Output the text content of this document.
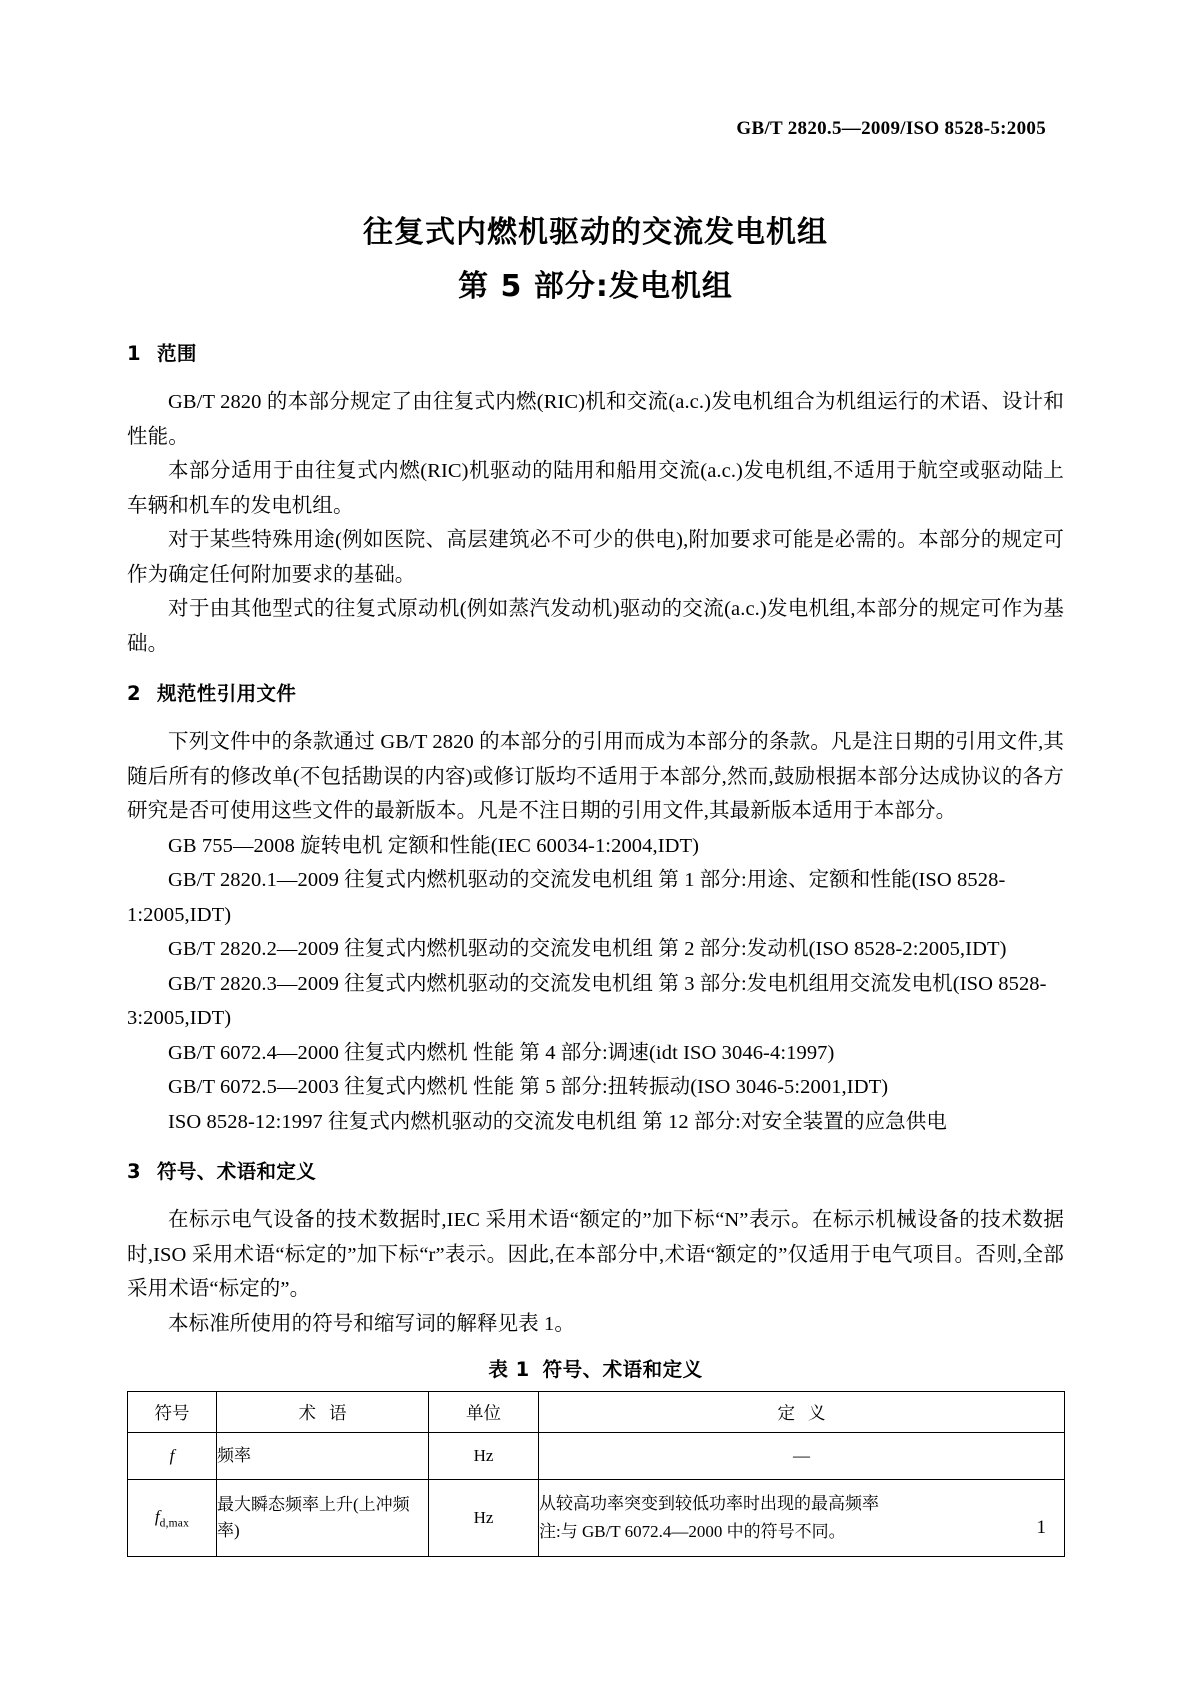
GB/T 2820.5—2009/ISO 8528-5:2005
往复式内燃机驱动的交流发电机组
第 5 部分:发电机组
1 范围

GB/T 2820 的本部分规定了由往复式内燃(RIC)机和交流(a.c.)发电机组合为机组运行的术语、设计和性能。

本部分适用于由往复式内燃(RIC)机驱动的陆用和船用交流(a.c.)发电机组,不适用于航空或驱动陆上车辆和机车的发电机组。

对于某些特殊用途(例如医院、高层建筑必不可少的供电),附加要求可能是必需的。本部分的规定可作为确定任何附加要求的基础。

对于由其他型式的往复式原动机(例如蒸汽发动机)驱动的交流(a.c.)发电机组,本部分的规定可作为基础。

2 规范性引用文件

下列文件中的条款通过 GB/T 2820 的本部分的引用而成为本部分的条款。凡是注日期的引用文件,其随后所有的修改单(不包括勘误的内容)或修订版均不适用于本部分,然而,鼓励根据本部分达成协议的各方研究是否可使用这些文件的最新版本。凡是不注日期的引用文件,其最新版本适用于本部分。

GB 755—2008 旋转电机 定额和性能(IEC 60034-1:2004,IDT)

GB/T 2820.1—2009 往复式内燃机驱动的交流发电机组 第 1 部分:用途、定额和性能(ISO 8528-1:2005,IDT)

GB/T 2820.2—2009 往复式内燃机驱动的交流发电机组 第 2 部分:发动机(ISO 8528-2:2005,IDT)

GB/T 2820.3—2009 往复式内燃机驱动的交流发电机组 第 3 部分:发电机组用交流发电机(ISO 8528-3:2005,IDT)

GB/T 6072.4—2000 往复式内燃机 性能 第 4 部分:调速(idt ISO 3046-4:1997)

GB/T 6072.5—2003 往复式内燃机 性能 第 5 部分:扭转振动(ISO 3046-5:2001,IDT)

ISO 8528-12:1997 往复式内燃机驱动的交流发电机组 第 12 部分:对安全装置的应急供电

3 符号、术语和定义

在标示电气设备的技术数据时,IEC 采用术语“额定的”加下标“N”表示。在标示机械设备的技术数据时,ISO 采用术语“标定的”加下标“r”表示。因此,在本部分中,术语“额定的”仅适用于电气项目。否则,全部采用术语“标定的”。

本标准所使用的符号和缩写词的解释见表 1。

表 1 符号、术语和定义
符号	术语	单位	定义
f	频率	Hz	—
$f_{d,max}$	最大瞬态频率上升(上冲频率)	Hz	从较高功率突变到较低功率时出现的最高频率
注:与 GB/T 6072.4—2000 中的符号不同。	1
